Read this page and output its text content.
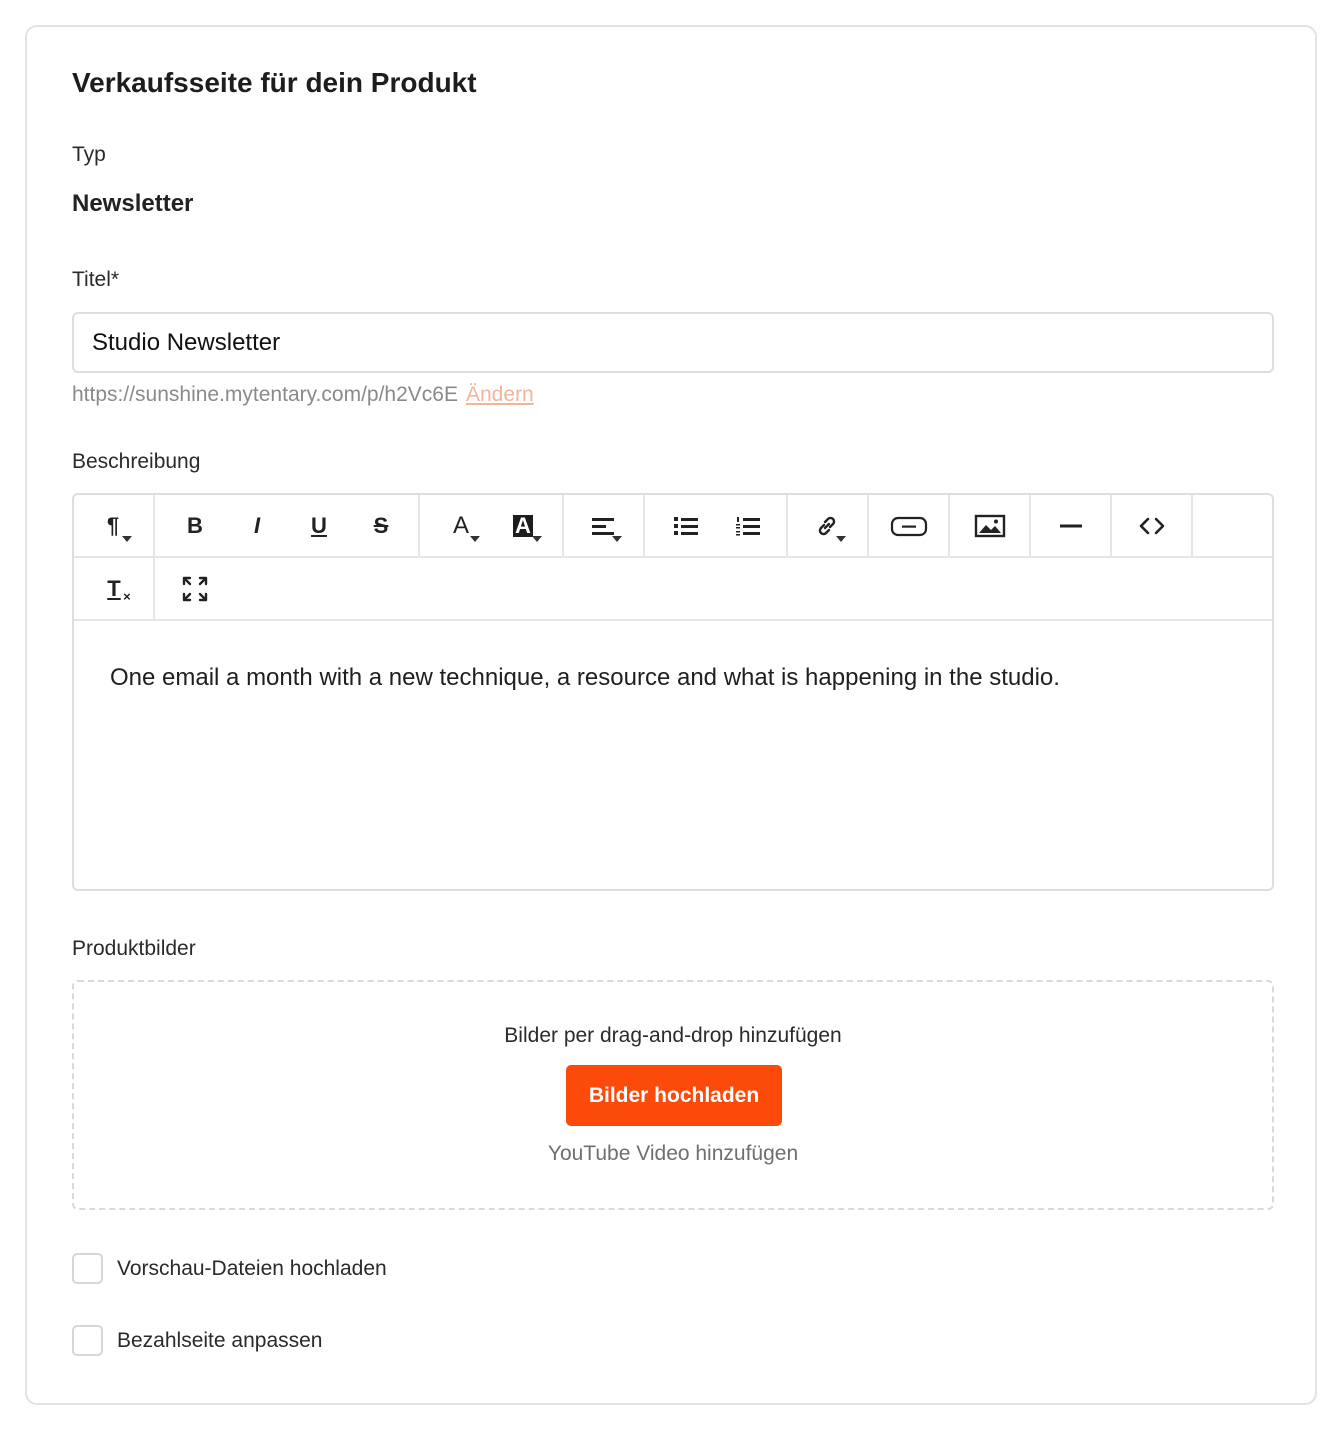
Verkaufsseite für dein Produkt
Typ
Newsletter
Titel*
Studio Newsletter
https://sunshine.mytentary.com/p/h2Vc6E Ändern
Beschreibung
¶	B I U S	A A
T ×
One email a month with a new technique, a resource and what is happening in the studio.
Produktbilder
Bilder per drag-and-drop hinzufügen
Bilder hochladen
YouTube Video hinzufügen
Vorschau-Dateien hochladen
Bezahlseite anpassen
